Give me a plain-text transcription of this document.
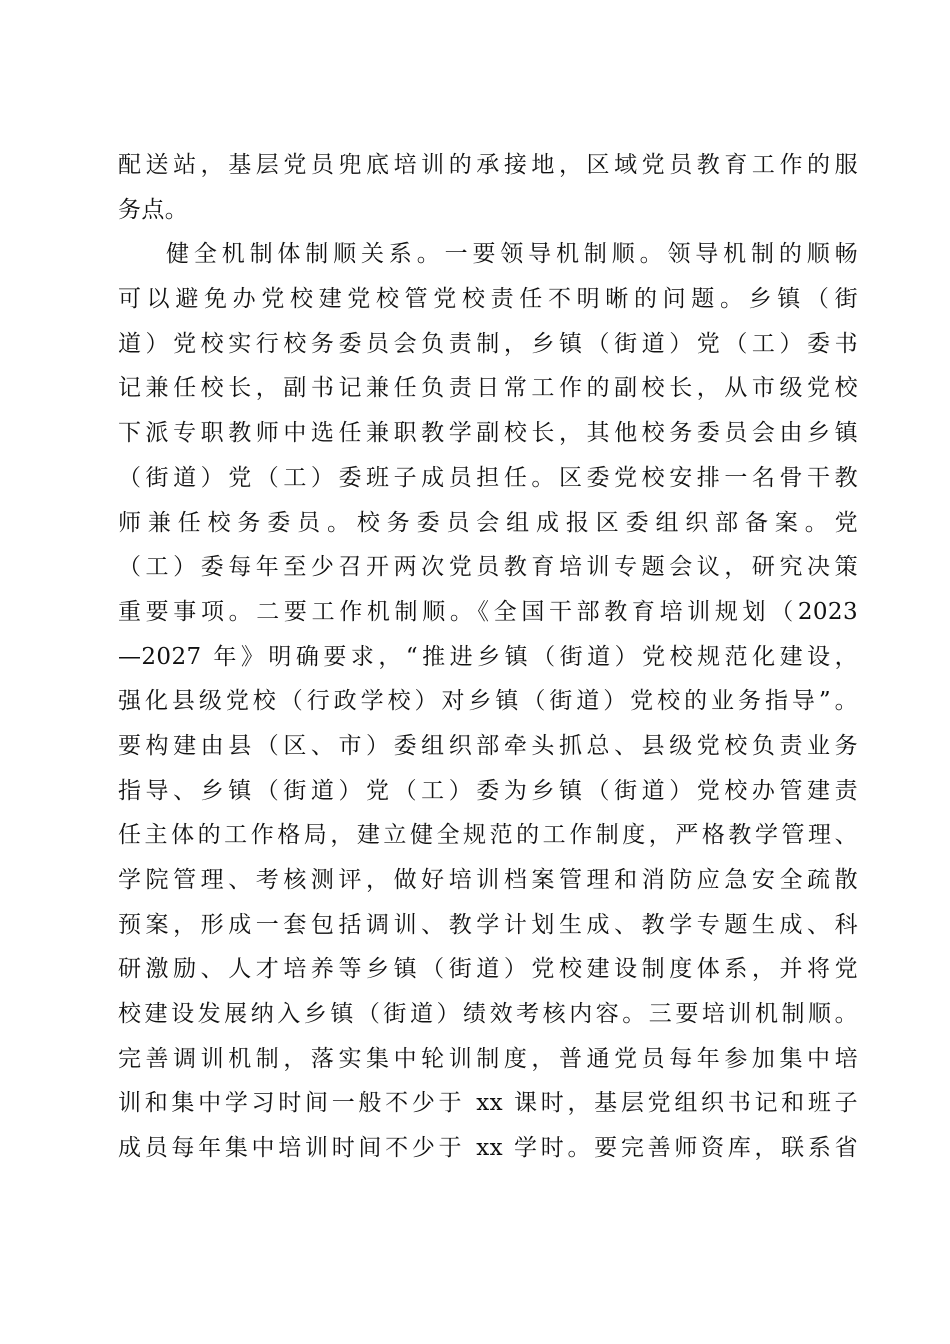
配送站，基层党员兜底培训的承接地，区域党员教育工作的服
务点。
健全机制体制顺关系。一要领导机制顺。领导机制的顺畅
可以避免办党校建党校管党校责任不明晰的问题。乡镇（街
道）党校实行校务委员会负责制，乡镇（街道）党（工）委书
记兼任校长，副书记兼任负责日常工作的副校长，从市级党校
下派专职教师中选任兼职教学副校长，其他校务委员会由乡镇
（街道）党（工）委班子成员担任。区委党校安排一名骨干教
师兼任校务委员。校务委员会组成报区委组织部备案。党
（工）委每年至少召开两次党员教育培训专题会议，研究决策
重要事项。二要工作机制顺。《全国干部教育培训规划（2023
—2027 年》明确要求，“推进乡镇（街道）党校规范化建设，
强化县级党校（行政学校）对乡镇（街道）党校的业务指导”。
要构建由县（区、市）委组织部牵头抓总、县级党校负责业务
指导、乡镇（街道）党（工）委为乡镇（街道）党校办管建责
任主体的工作格局，建立健全规范的工作制度，严格教学管理、
学院管理、考核测评，做好培训档案管理和消防应急安全疏散
预案，形成一套包括调训、教学计划生成、教学专题生成、科
研激励、人才培养等乡镇（街道）党校建设制度体系，并将党
校建设发展纳入乡镇（街道）绩效考核内容。三要培训机制顺。
完善调训机制，落实集中轮训制度，普通党员每年参加集中培
训和集中学习时间一般不少于 xx 课时，基层党组织书记和班子
成员每年集中培训时间不少于 xx 学时。要完善师资库，联系省
